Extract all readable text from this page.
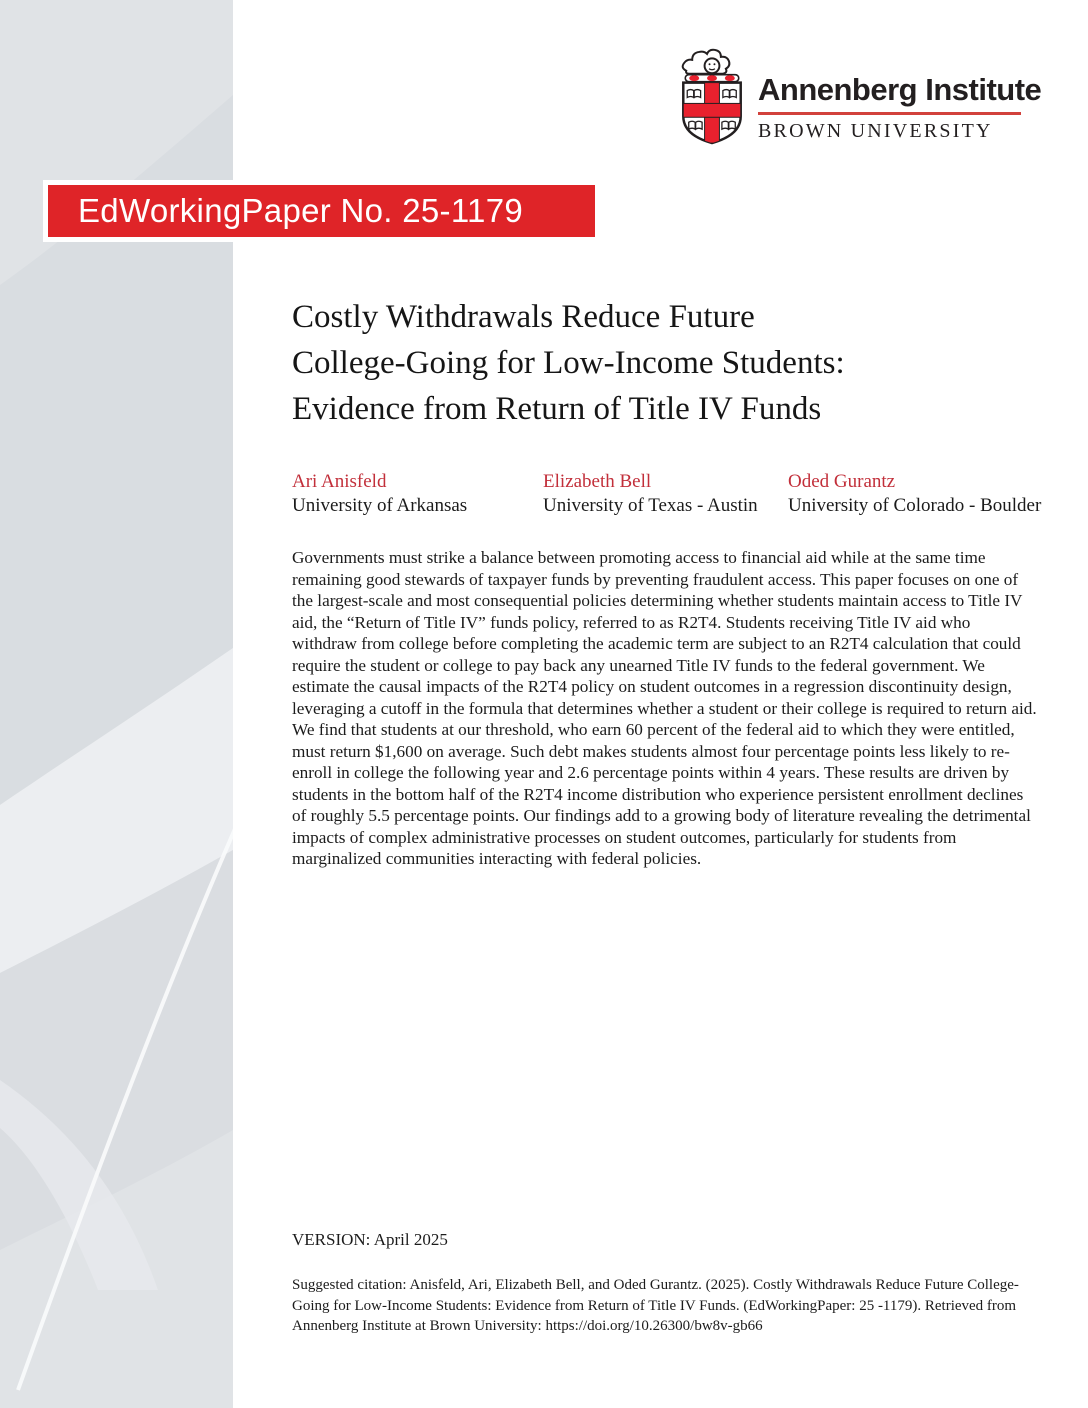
Annenberg Institute
BROWN UNIVERSITY
EdWorkingPaper No. 25-1179
Costly Withdrawals Reduce Future
College-Going for Low-Income Students:
Evidence from Return of Title IV Funds
Ari Anisfeld
University of Arkansas
Elizabeth Bell
University of Texas - Austin
Oded Gurantz
University of Colorado - Boulder
Governments must strike a balance between promoting access to financial aid while at the same time remaining good stewards of taxpayer funds by preventing fraudulent access. This paper focuses on one of the largest-scale and most consequential policies determining whether students maintain access to Title IV aid, the “Return of Title IV” funds policy, referred to as R2T4. Students receiving Title IV aid who withdraw from college before completing the academic term are subject to an R2T4 calculation that could require the student or college to pay back any unearned Title IV funds to the federal government. We estimate the causal impacts of the R2T4 policy on student outcomes in a regression discontinuity design, leveraging a cutoff in the formula that determines whether a student or their college is required to return aid. We find that students at our threshold, who earn 60 percent of the federal aid to which they were entitled, must return $1,600 on average. Such debt makes students almost four percentage points less likely to re-enroll in college the following year and 2.6 percentage points within 4 years. These results are driven by students in the bottom half of the R2T4 income distribution who experience persistent enrollment declines of roughly 5.5 percentage points. Our findings add to a growing body of literature revealing the detrimental impacts of complex administrative processes on student outcomes, particularly for students from marginalized communities interacting with federal policies.
VERSION: April 2025
Suggested citation: Anisfeld, Ari, Elizabeth Bell, and Oded Gurantz. (2025). Costly Withdrawals Reduce Future College-Going for Low-Income Students: Evidence from Return of Title IV Funds. (EdWorkingPaper: 25 -1179). Retrieved from Annenberg Institute at Brown University: https://doi.org/10.26300/bw8v-gb66
